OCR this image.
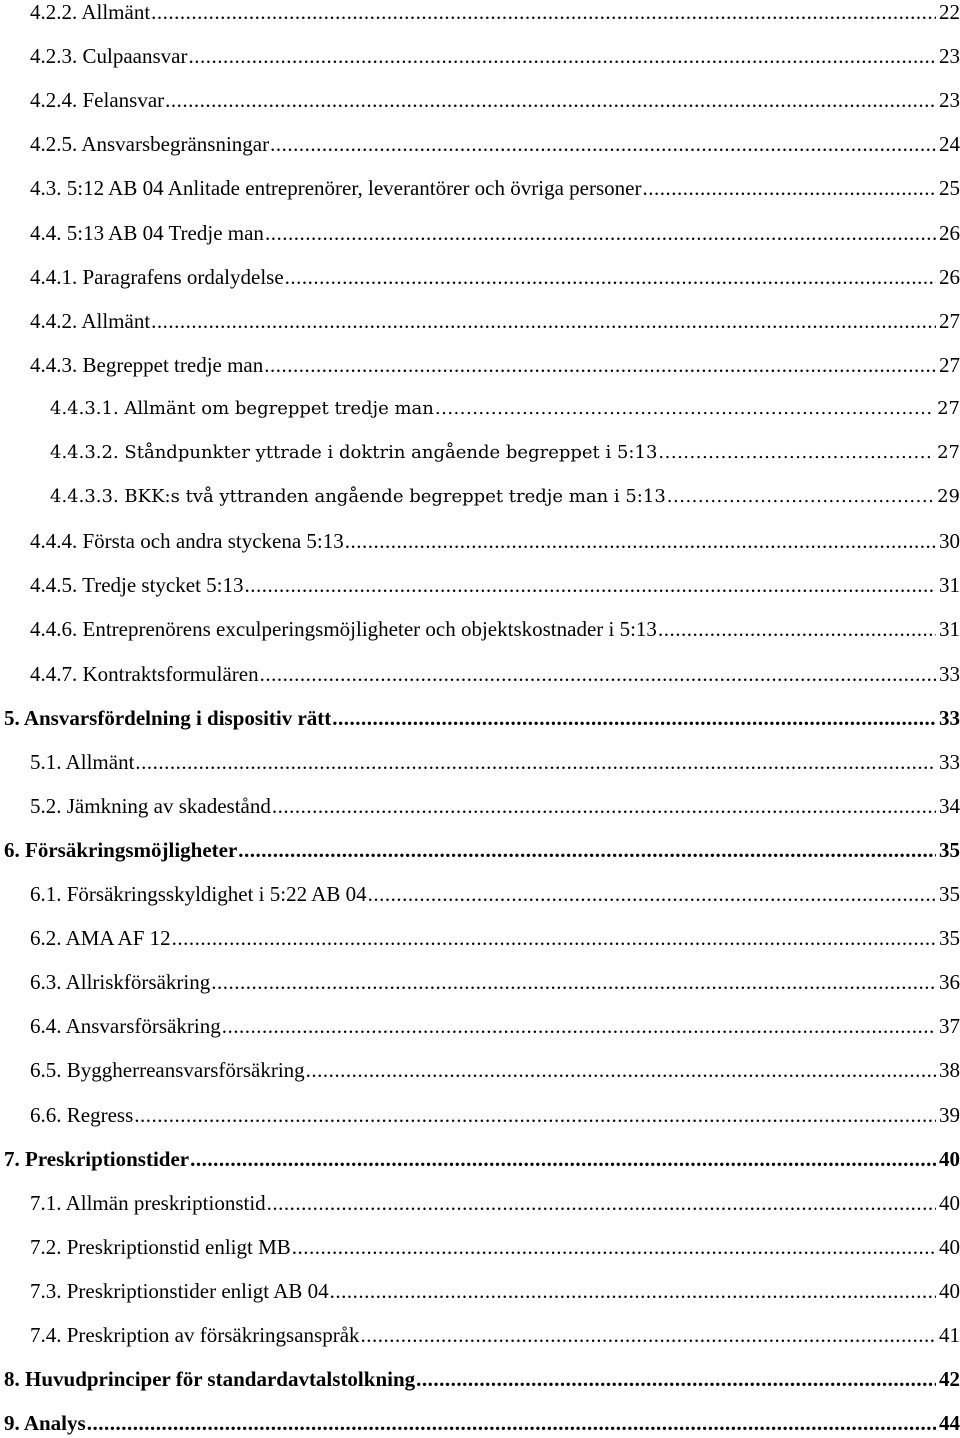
4.2.2. Allmänt .....	22
4.2.3. Culpaansvar .....	23
4.2.4. Felansvar .....	23
4.2.5. Ansvarsbegränsningar .....	24
4.3. 5:12 AB 04 Anlitade entreprenörer, leverantörer och övriga personer .....	25
4.4. 5:13 AB 04 Tredje man .....	26
4.4.1. Paragrafens ordalydelse .....	26
4.4.2. Allmänt .....	27
4.4.3. Begreppet tredje man .....	27
4.4.3.1. Allmänt om begreppet tredje man .....	27
4.4.3.2. Ståndpunkter yttrade i doktrin angående begreppet i 5:13 .....	27
4.4.3.3. BKK:s två yttranden angående begreppet tredje man i 5:13 .....	29
4.4.4. Första och andra styckena 5:13 .....	30
4.4.5. Tredje stycket 5:13 .....	31
4.4.6. Entreprenörens exculperingsmöjligheter och objektskostnader i 5:13 .....	31
4.4.7. Kontraktsformulären .....	33
5. Ansvarsfördelning i dispositiv rätt .....	33
5.1. Allmänt .....	33
5.2. Jämkning av skadestånd .....	34
6. Försäkringsmöjligheter .....	35
6.1. Försäkringsskyldighet i 5:22 AB 04 .....	35
6.2. AMA AF 12 .....	35
6.3. Allriskförsäkring .....	36
6.4. Ansvarsförsäkring .....	37
6.5. Byggherreansvarsförsäkring .....	38
6.6. Regress .....	39
7. Preskriptionstider .....	40
7.1. Allmän preskriptionstid .....	40
7.2. Preskriptionstid enligt MB .....	40
7.3. Preskriptionstider enligt AB 04 .....	40
7.4. Preskription av försäkringsanspråk .....	41
8. Huvudprinciper för standardavtalstolkning .....	42
9. Analys .....	44
